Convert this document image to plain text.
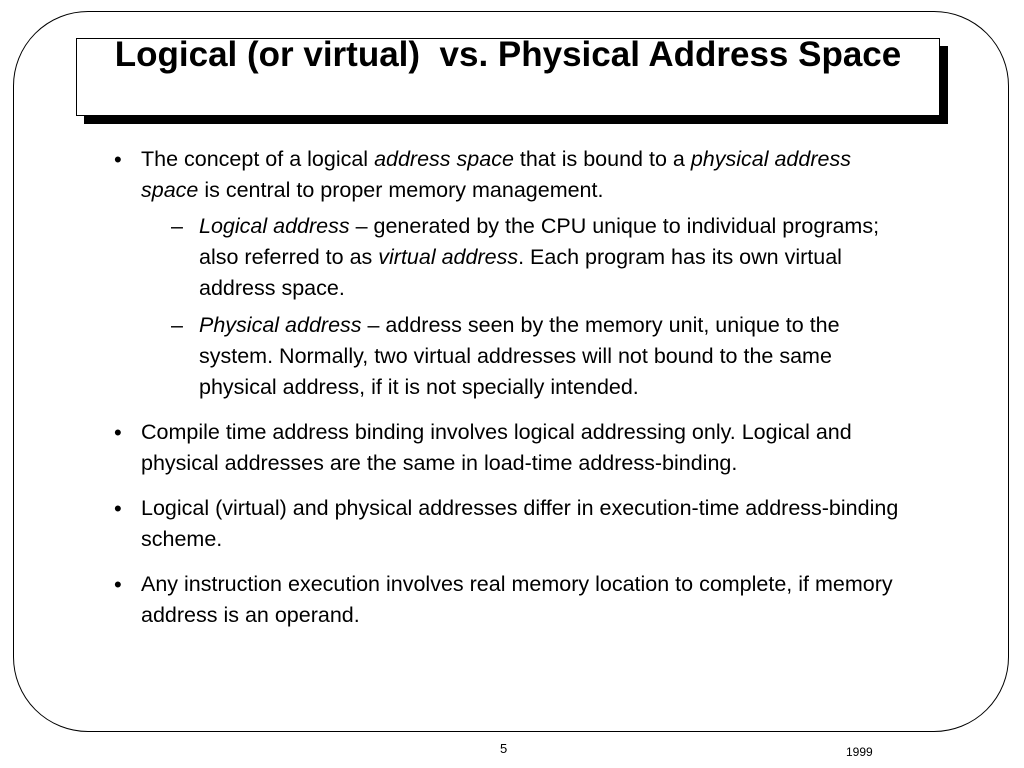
Logical (or virtual)  vs. Physical Address Space
• The concept of a logical address space that is bound to a physical address space is central to proper memory management.
– Logical address – generated by the CPU unique to individual programs; also referred to as virtual address. Each program has its own virtual address space.
– Physical address – address seen by the memory unit, unique to the system. Normally, two virtual addresses will not bound to the same physical address, if it is not specially intended.
• Compile time address binding involves logical addressing only. Logical and physical addresses are the same in load-time address-binding.
• Logical (virtual) and physical addresses differ in execution-time address-binding scheme.
• Any instruction execution involves real memory location to complete, if memory address is an operand.
5	1999
